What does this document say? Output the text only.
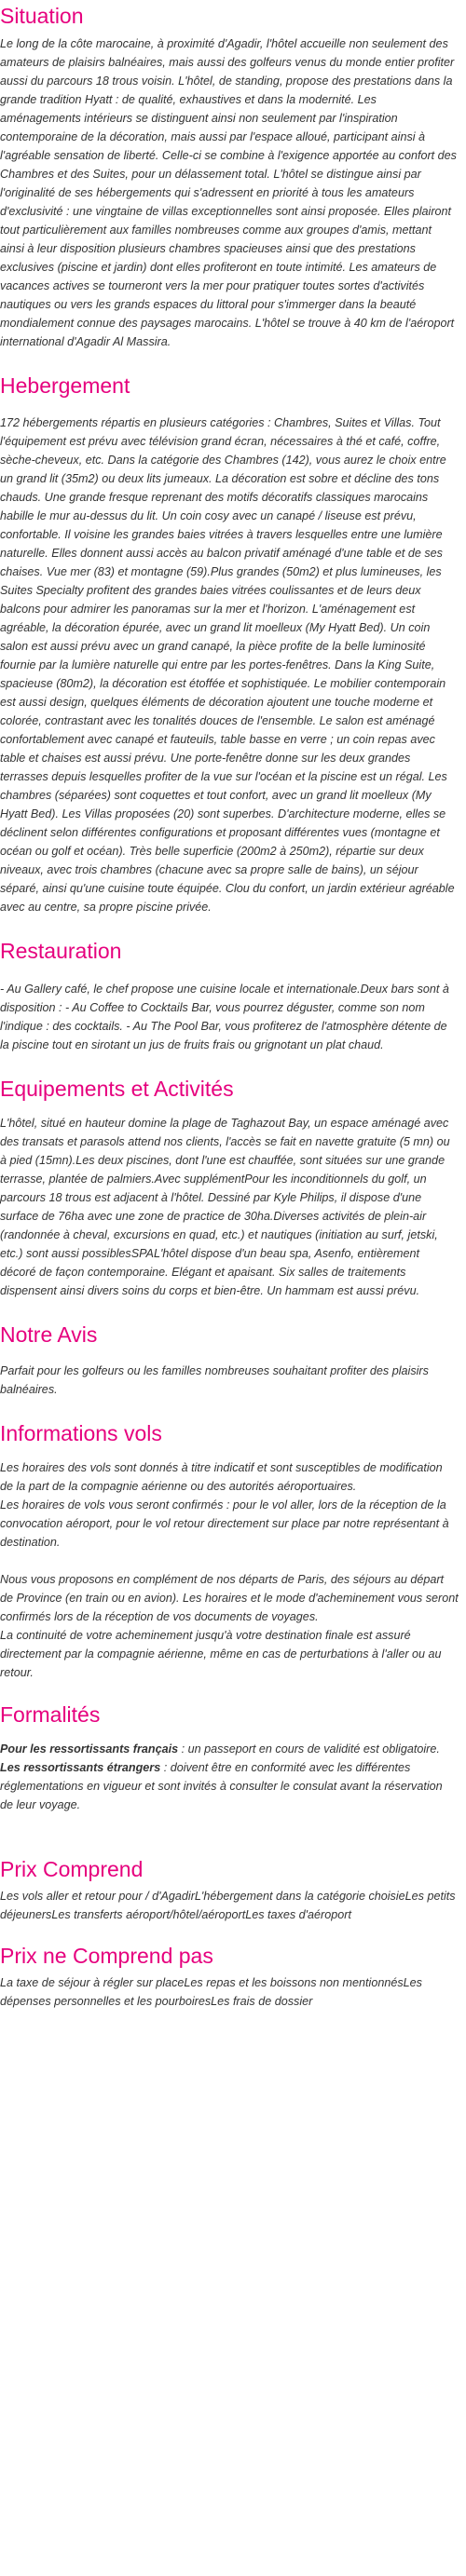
Situation

Le long de la côte marocaine, à proximité d'Agadir, l'hôtel accueille non seulement des amateurs de plaisirs balnéaires, mais aussi des golfeurs venus du monde entier profiter aussi du parcours 18 trous voisin. L'hôtel, de standing, propose des prestations dans la grande tradition Hyatt : de qualité, exhaustives et dans la modernité. Les aménagements intérieurs se distinguent ainsi non seulement par l'inspiration contemporaine de la décoration, mais aussi par l'espace alloué, participant ainsi à l'agréable sensation de liberté. Celle-ci se combine à l'exigence apportée au confort des Chambres et des Suites, pour un délassement total. L'hôtel se distingue ainsi par l'originalité de ses hébergements qui s'adressent en priorité à tous les amateurs d'exclusivité : une vingtaine de villas exceptionnelles sont ainsi proposée. Elles plairont tout particulièrement aux familles nombreuses comme aux groupes d'amis, mettant ainsi à leur disposition plusieurs chambres spacieuses ainsi que des prestations exclusives (piscine et jardin) dont elles profiteront en toute intimité. Les amateurs de vacances actives se tourneront vers la mer pour pratiquer toutes sortes d'activités nautiques ou vers les grands espaces du littoral pour s'immerger dans la beauté mondialement connue des paysages marocains. L'hôtel se trouve à 40 km de l'aéroport international d'Agadir Al Massira.

Hebergement

172 hébergements répartis en plusieurs catégories : Chambres, Suites et Villas. Tout l'équipement est prévu avec télévision grand écran, nécessaires à thé et café, coffre, sèche-cheveux, etc. Dans la catégorie des Chambres (142), vous aurez le choix entre un grand lit (35m2) ou deux lits jumeaux. La décoration est sobre et décline des tons chauds. Une grande fresque reprenant des motifs décoratifs classiques marocains habille le mur au-dessus du lit. Un coin cosy avec un canapé / liseuse est prévu, confortable. Il voisine les grandes baies vitrées à travers lesquelles entre une lumière naturelle. Elles donnent aussi accès au balcon privatif aménagé d'une table et de ses chaises. Vue mer (83) et montagne (59).Plus grandes (50m2) et plus lumineuses, les Suites Specialty profitent des grandes baies vitrées coulissantes et de leurs deux balcons pour admirer les panoramas sur la mer et l'horizon. L'aménagement est agréable, la décoration épurée, avec un grand lit moelleux (My Hyatt Bed). Un coin salon est aussi prévu avec un grand canapé, la pièce profite de la belle luminosité fournie par la lumière naturelle qui entre par les portes-fenêtres. Dans la King Suite, spacieuse (80m2), la décoration est étoffée et sophistiquée. Le mobilier contemporain est aussi design, quelques éléments de décoration ajoutent une touche moderne et colorée, contrastant avec les tonalités douces de l'ensemble. Le salon est aménagé confortablement avec canapé et fauteuils, table basse en verre ; un coin repas avec table et chaises est aussi prévu. Une porte-fenêtre donne sur les deux grandes terrasses depuis lesquelles profiter de la vue sur l'océan et la piscine est un régal. Les chambres (séparées) sont coquettes et tout confort, avec un grand lit moelleux (My Hyatt Bed). Les Villas proposées (20) sont superbes. D'architecture moderne, elles se déclinent selon différentes configurations et proposant différentes vues (montagne et océan ou golf et océan). Très belle superficie (200m2 à 250m2), répartie sur deux niveaux, avec trois chambres (chacune avec sa propre salle de bains), un séjour séparé, ainsi qu'une cuisine toute équipée. Clou du confort, un jardin extérieur agréable avec au centre, sa propre piscine privée.

Restauration

- Au Gallery café, le chef propose une cuisine locale et internationale.Deux bars sont à disposition : - Au Coffee to Cocktails Bar, vous pourrez déguster, comme son nom l'indique : des cocktails. - Au The Pool Bar, vous profiterez de l'atmosphère détente de la piscine tout en sirotant un jus de fruits frais ou grignotant un plat chaud.

Equipements et Activités

L'hôtel, situé en hauteur domine la plage de Taghazout Bay, un espace aménagé avec des transats et parasols attend nos clients, l'accès se fait en navette gratuite (5 mn) ou à pied (15mn).Les deux piscines, dont l'une est chauffée, sont situées sur une grande terrasse, plantée de palmiers.Avec supplémentPour les inconditionnels du golf, un parcours 18 trous est adjacent à l'hôtel. Dessiné par Kyle Philips, il dispose d'une surface de 76ha avec une zone de practice de 30ha.Diverses activités de plein-air (randonnée à cheval, excursions en quad, etc.) et nautiques (initiation au surf, jetski, etc.) sont aussi possiblesSPAL'hôtel dispose d'un beau spa, Asenfo, entièrement décoré de façon contemporaine. Elégant et apaisant. Six salles de traitements dispensent ainsi divers soins du corps et bien-être. Un hammam est aussi prévu.

Notre Avis

Parfait pour les golfeurs ou les familles nombreuses souhaitant profiter des plaisirs balnéaires.

Informations vols

Les horaires des vols sont donnés à titre indicatif et sont susceptibles de modification de la part de la compagnie aérienne ou des autorités aéroportuaires.

Les horaires de vols vous seront confirmés : pour le vol aller, lors de la réception de la convocation aéroport, pour le vol retour directement sur place par notre représentant à destination.

Nous vous proposons en complément de nos départs de Paris, des séjours au départ de Province (en train ou en avion). Les horaires et le mode d'acheminement vous seront confirmés lors de la réception de vos documents de voyages.

La continuité de votre acheminement jusqu'à votre destination finale est assuré directement par la compagnie aérienne, même en cas de perturbations à l'aller ou au retour.

Formalités

Pour les ressortissants français : un passeport en cours de validité est obligatoire.

Les ressortissants étrangers : doivent être en conformité avec les différentes réglementations en vigueur et sont invités à consulter le consulat avant la réservation de leur voyage.

Prix Comprend

Les vols aller et retour pour / d'AgadirL'hébergement dans la catégorie choisieLes petits déjeunersLes transferts aéroport/hôtel/aéroportLes taxes d'aéroport

Prix ne Comprend pas

La taxe de séjour à régler sur placeLes repas et les boissons non mentionnésLes dépenses personnelles et les pourboiresLes frais de dossier
